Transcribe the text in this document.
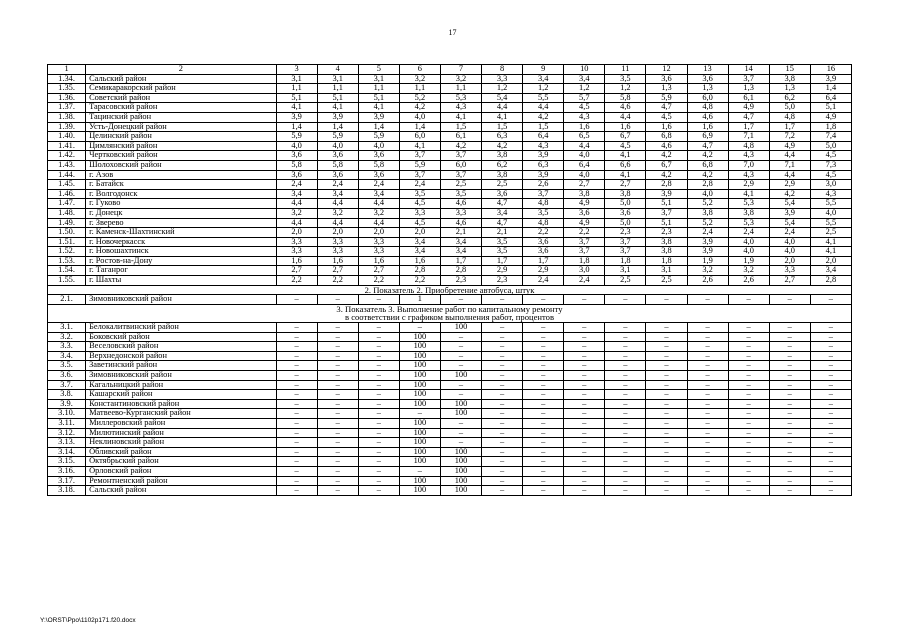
17
1	2	3	4	5	6	7	8	9	10	11	12	13	14	15	16
1.34.	Сальский район	3,1	3,1	3,1	3,2	3,2	3,3	3,4	3,4	3,5	3,6	3,6	3,7	3,8	3,9
1.35.	Семикаракорский район	1,1	1,1	1,1	1,1	1,1	1,2	1,2	1,2	1,2	1,3	1,3	1,3	1,3	1,4
1.36.	Советский район	5,1	5,1	5,1	5,2	5,3	5,4	5,5	5,7	5,8	5,9	6,0	6,1	6,2	6,4
1.37.	Тарасовский район	4,1	4,1	4,1	4,2	4,3	4,4	4,4	4,5	4,6	4,7	4,8	4,9	5,0	5,1
1.38.	Тацинский район	3,9	3,9	3,9	4,0	4,1	4,1	4,2	4,3	4,4	4,5	4,6	4,7	4,8	4,9
1.39.	Усть-Донецкий район	1,4	1,4	1,4	1,4	1,5	1,5	1,5	1,6	1,6	1,6	1,6	1,7	1,7	1,8
1.40.	Целинский район	5,9	5,9	5,9	6,0	6,1	6,3	6,4	6,5	6,7	6,8	6,9	7,1	7,2	7,4
1.41.	Цимлянский район	4,0	4,0	4,0	4,1	4,2	4,2	4,3	4,4	4,5	4,6	4,7	4,8	4,9	5,0
1.42.	Чертковский район	3,6	3,6	3,6	3,7	3,7	3,8	3,9	4,0	4,1	4,2	4,2	4,3	4,4	4,5
1.43.	Шолоховский район	5,8	5,8	5,8	5,9	6,0	6,2	6,3	6,4	6,6	6,7	6,8	7,0	7,1	7,3
1.44.	г. Азов	3,6	3,6	3,6	3,7	3,7	3,8	3,9	4,0	4,1	4,2	4,2	4,3	4,4	4,5
1.45.	г. Батайск	2,4	2,4	2,4	2,4	2,5	2,5	2,6	2,7	2,7	2,8	2,8	2,9	2,9	3,0
1.46.	г. Волгодонск	3,4	3,4	3,4	3,5	3,5	3,6	3,7	3,8	3,8	3,9	4,0	4,1	4,2	4,3
1.47.	г. Гуково	4,4	4,4	4,4	4,5	4,6	4,7	4,8	4,9	5,0	5,1	5,2	5,3	5,4	5,5
1.48.	г. Донецк	3,2	3,2	3,2	3,3	3,3	3,4	3,5	3,6	3,6	3,7	3,8	3,8	3,9	4,0
1.49.	г. Зверево	4,4	4,4	4,4	4,5	4,6	4,7	4,8	4,9	5,0	5,1	5,2	5,3	5,4	5,5
1.50.	г. Каменск-Шахтинский	2,0	2,0	2,0	2,0	2,1	2,1	2,2	2,2	2,3	2,3	2,4	2,4	2,4	2,5
1.51.	г. Новочеркасск	3,3	3,3	3,3	3,4	3,4	3,5	3,6	3,7	3,7	3,8	3,9	4,0	4,0	4,1
1.52.	г. Новошахтинск	3,3	3,3	3,3	3,4	3,4	3,5	3,6	3,7	3,7	3,8	3,9	4,0	4,0	4,1
1.53.	г. Ростов-на-Дону	1,6	1,6	1,6	1,6	1,7	1,7	1,7	1,8	1,8	1,8	1,9	1,9	2,0	2,0
1.54.	г. Таганрог	2,7	2,7	2,7	2,8	2,8	2,9	2,9	3,0	3,1	3,1	3,2	3,2	3,3	3,4
1.55.	г. Шахты	2,2	2,2	2,2	2,2	2,3	2,3	2,4	2,4	2,5	2,5	2,6	2,6	2,7	2,8

2. Показатель 2. Приобретение автобуса, штук															

2.1.	Зимовниковский район	–	–	–	1	–	–	–	–	–	–	–	–	–	–

3. Показатель 3. Выполнение работ по капитальному ремонту
в соответствии с графиком выполнения работ, процентов															

3.1.	Белокалитвинский район	–	–	–	–	100	–	–	–	–	–	–	–	–	–
3.2.	Боковский район	–	–	–	100	–	–	–	–	–	–	–	–	–	–
3.3.	Веселовский район	–	–	–	100	–	–	–	–	–	–	–	–	–	–
3.4.	Верхнедонской район	–	–	–	100	–	–	–	–	–	–	–	–	–	–
3.5.	Заветинский район	–	–	–	100	–	–	–	–	–	–	–	–	–	–
3.6.	Зимовниковский район	–	–	–	100	100	–	–	–	–	–	–	–	–	–
3.7.	Кагальницкий район	–	–	–	100	–	–	–	–	–	–	–	–	–	–
3.8.	Кашарский район	–	–	–	100	–	–	–	–	–	–	–	–	–	–
3.9.	Константиновский район	–	–	–	100	100	–	–	–	–	–	–	–	–	–
3.10.	Матвеево-Курганский район	–	–	–	–	100	–	–	–	–	–	–	–	–	–
3.11.	Миллеровский район	–	–	–	100	–	–	–	–	–	–	–	–	–	–
3.12.	Милютинский район	–	–	–	100	–	–	–	–	–	–	–	–	–	–
3.13.	Неклиновский район	–	–	–	100	–	–	–	–	–	–	–	–	–	–
3.14.	Обливский район	–	–	–	100	100	–	–	–	–	–	–	–	–	–
3.15.	Октябрьский район	–	–	–	100	100	–	–	–	–	–	–	–	–	–
3.16.	Орловский район	–	–	–	–	100	–	–	–	–	–	–	–	–	–
3.17.	Ремонтненский район	–	–	–	100	100	–	–	–	–	–	–	–	–	–
3.18.	Сальский район	–	–	–	100	100	–	–	–	–	–	–	–	–	–
Y:\ORST\Ppo\1102p171.f20.docx
